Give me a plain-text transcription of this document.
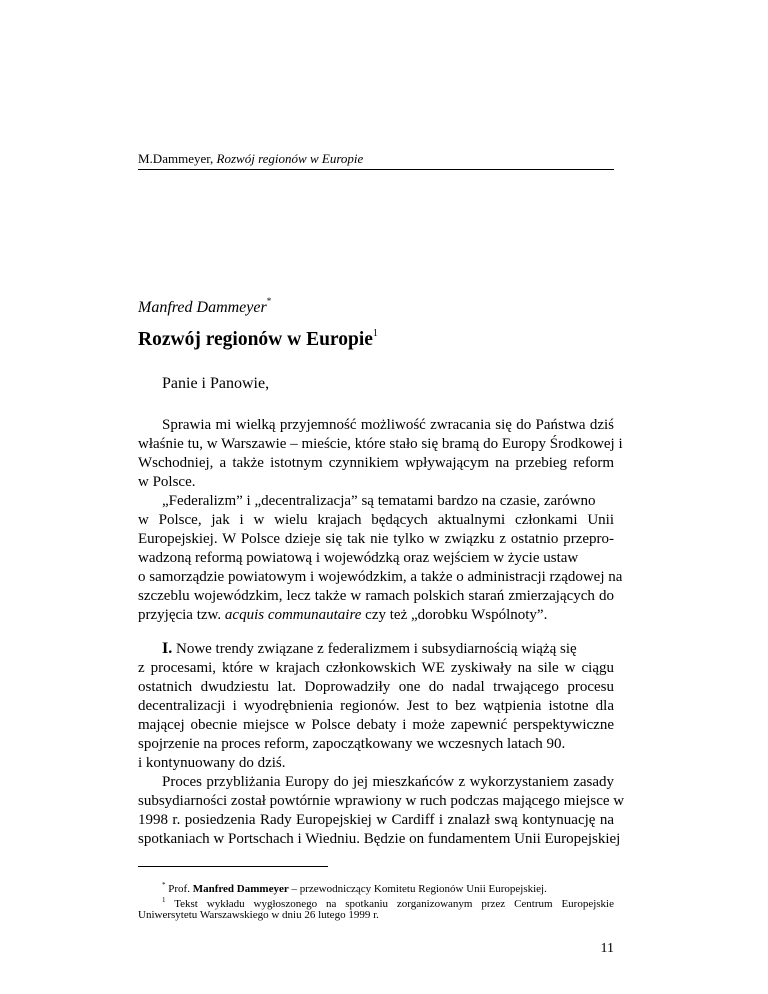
M.Dammeyer, Rozwój regionów w Europie
Manfred Dammeyer*
Rozwój regionów w Europie$^1$
Panie i Panowie,
Sprawia mi wielką przyjemność możliwość zwracania się do Państwa dziś
właśnie tu, w Warszawie – mieście, które stało się bramą do Europy Środkowej i
Wschodniej, a także istotnym czynnikiem wpływającym na przebieg reform
w Polsce.
„Federalizm” i „decentralizacja” są tematami bardzo na czasie, zarówno
w Polsce, jak i w wielu krajach będących aktualnymi członkami Unii
Europejskiej. W Polsce dzieje się tak nie tylko w związku z ostatnio przepro-
wadzoną reformą powiatową i wojewódzką oraz wejściem w życie ustaw
o samorządzie powiatowym i wojewódzkim, a także o administracji rządowej na
szczeblu wojewódzkim, lecz także w ramach polskich starań zmierzających do
przyjęcia tzw. acquis communautaire czy też „dorobku Wspólnoty”.
I. Nowe trendy związane z federalizmem i subsydiarnością wiążą się
z procesami, które w krajach członkowskich WE zyskiwały na sile w ciągu
ostatnich dwudziestu lat. Doprowadziły one do nadal trwającego procesu
decentralizacji i wyodrębnienia regionów. Jest to bez wątpienia istotne dla
mającej obecnie miejsce w Polsce debaty i może zapewnić perspektywiczne
spojrzenie na proces reform, zapoczątkowany we wczesnych latach 90.
i kontynuowany do dziś.
Proces przybliżania Europy do jej mieszkańców z wykorzystaniem zasady
subsydiarności został powtórnie wprawiony w ruch podczas mającego miejsce w
1998 r. posiedzenia Rady Europejskiej w Cardiff i znalazł swą kontynuację na
spotkaniach w Portschach i Wiedniu. Będzie on fundamentem Unii Europejskiej
* Prof. Manfred Dammeyer – przewodniczący Komitetu Regionów Unii Europejskiej.
$^1$ Tekst wykładu wygłoszonego na spotkaniu zorganizowanym przez Centrum Europejskie
Uniwersytetu Warszawskiego w dniu 26 lutego 1999 r.
11
